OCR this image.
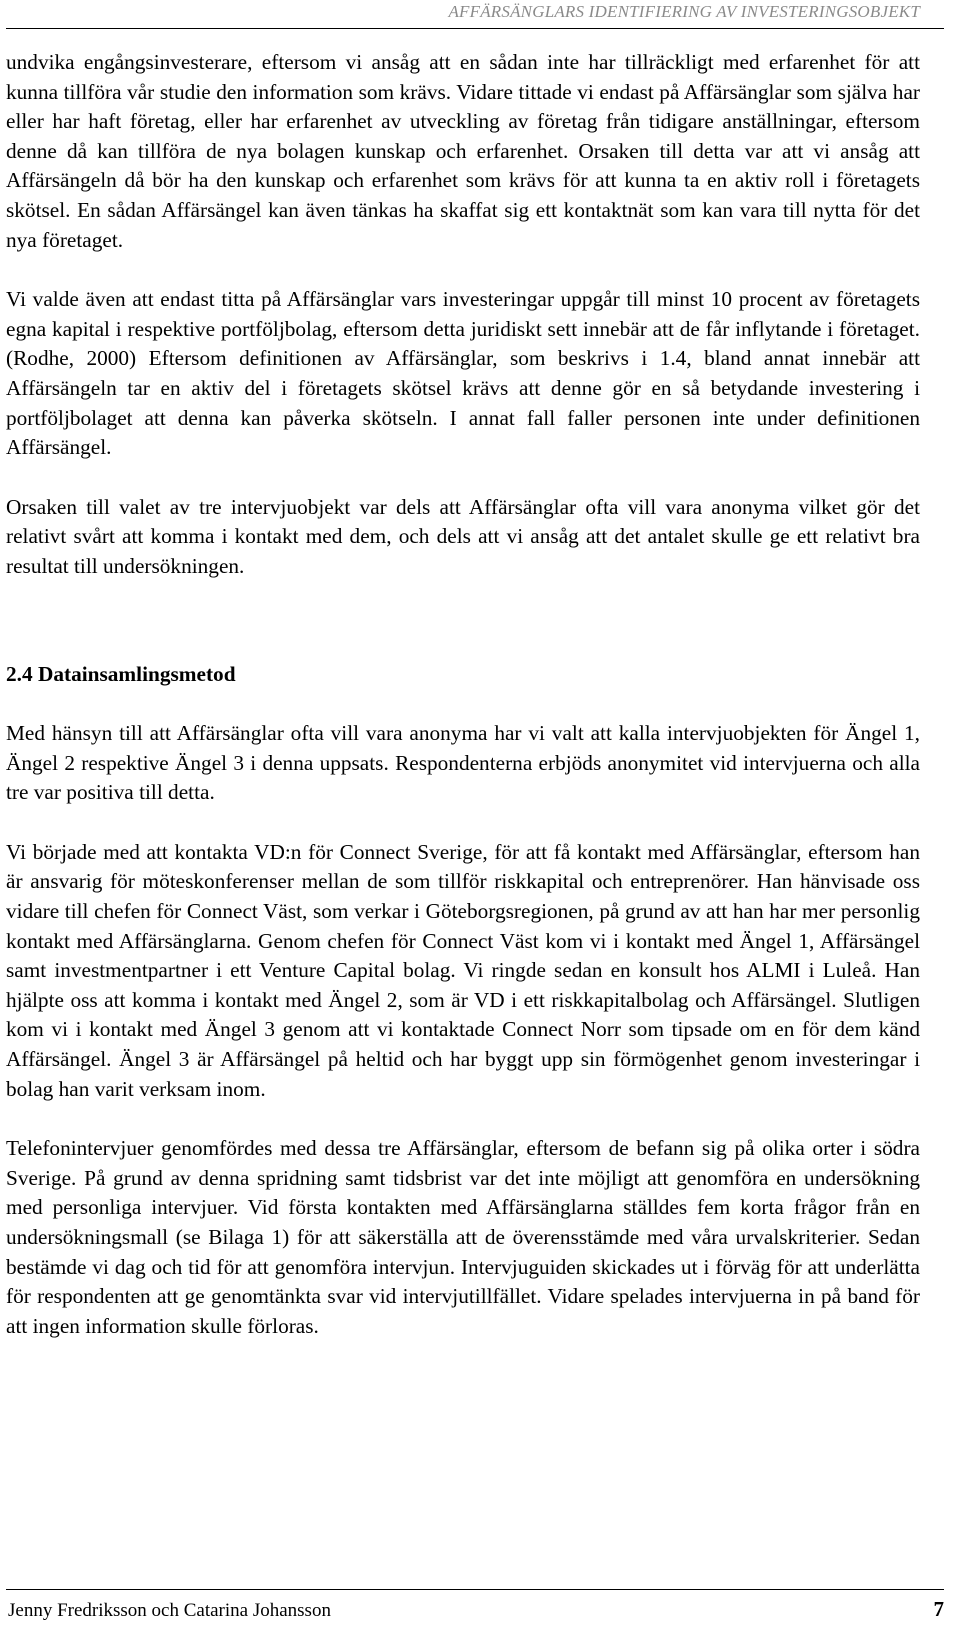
AFFÄRSÄNGLARS IDENTIFIERING AV INVESTERINGSOBJEKT

undvika engångsinvesterare, eftersom vi ansåg att en sådan inte har tillräckligt med erfarenhet för att kunna tillföra vår studie den information som krävs. Vidare tittade vi endast på Affärsänglar som själva har eller har haft företag, eller har erfarenhet av utveckling av företag från tidigare anställningar, eftersom denne då kan tillföra de nya bolagen kunskap och erfarenhet. Orsaken till detta var att vi ansåg att Affärsängeln då bör ha den kunskap och erfarenhet som krävs för att kunna ta en aktiv roll i företagets skötsel. En sådan Affärsängel kan även tänkas ha skaffat sig ett kontaktnät som kan vara till nytta för det nya företaget.

Vi valde även att endast titta på Affärsänglar vars investeringar uppgår till minst 10 procent av företagets egna kapital i respektive portföljbolag, eftersom detta juridiskt sett innebär att de får inflytande i företaget. (Rodhe, 2000) Eftersom definitionen av Affärsänglar, som beskrivs i 1.4, bland annat innebär att Affärsängeln tar en aktiv del i företagets skötsel krävs att denne gör en så betydande investering i portföljbolaget att denna kan påverka skötseln. I annat fall faller personen inte under definitionen Affärsängel.

Orsaken till valet av tre intervjuobjekt var dels att Affärsänglar ofta vill vara anonyma vilket gör det relativt svårt att komma i kontakt med dem, och dels att vi ansåg att det antalet skulle ge ett relativt bra resultat till undersökningen.

2.4 Datainsamlingsmetod

Med hänsyn till att Affärsänglar ofta vill vara anonyma har vi valt att kalla intervjuobjekten för Ängel 1, Ängel 2 respektive Ängel 3 i denna uppsats. Respondenterna erbjöds anonymitet vid intervjuerna och alla tre var positiva till detta.

Vi började med att kontakta VD:n för Connect Sverige, för att få kontakt med Affärsänglar, eftersom han är ansvarig för möteskonferenser mellan de som tillför riskkapital och entreprenörer. Han hänvisade oss vidare till chefen för Connect Väst, som verkar i Göteborgsregionen, på grund av att han har mer personlig kontakt med Affärsänglarna. Genom chefen för Connect Väst kom vi i kontakt med Ängel 1, Affärsängel samt investmentpartner i ett Venture Capital bolag. Vi ringde sedan en konsult hos ALMI i Luleå. Han hjälpte oss att komma i kontakt med Ängel 2, som är VD i ett riskkapitalbolag och Affärsängel. Slutligen kom vi i kontakt med Ängel 3 genom att vi kontaktade Connect Norr som tipsade om en för dem känd Affärsängel. Ängel 3 är Affärsängel på heltid och har byggt upp sin förmögenhet genom investeringar i bolag han varit verksam inom.

Telefonintervjuer genomfördes med dessa tre Affärsänglar, eftersom de befann sig på olika orter i södra Sverige. På grund av denna spridning samt tidsbrist var det inte möjligt att genomföra en undersökning med personliga intervjuer. Vid första kontakten med Affärsänglarna ställdes fem korta frågor från en undersökningsmall (se Bilaga 1) för att säkerställa att de överensstämde med våra urvalskriterier. Sedan bestämde vi dag och tid för att genomföra intervjun. Intervjuguiden skickades ut i förväg för att underlätta för respondenten att ge genomtänkta svar vid intervjutillfället. Vidare spelades intervjuerna in på band för att ingen information skulle förloras.

Jenny Fredriksson och Catarina Johansson	7
